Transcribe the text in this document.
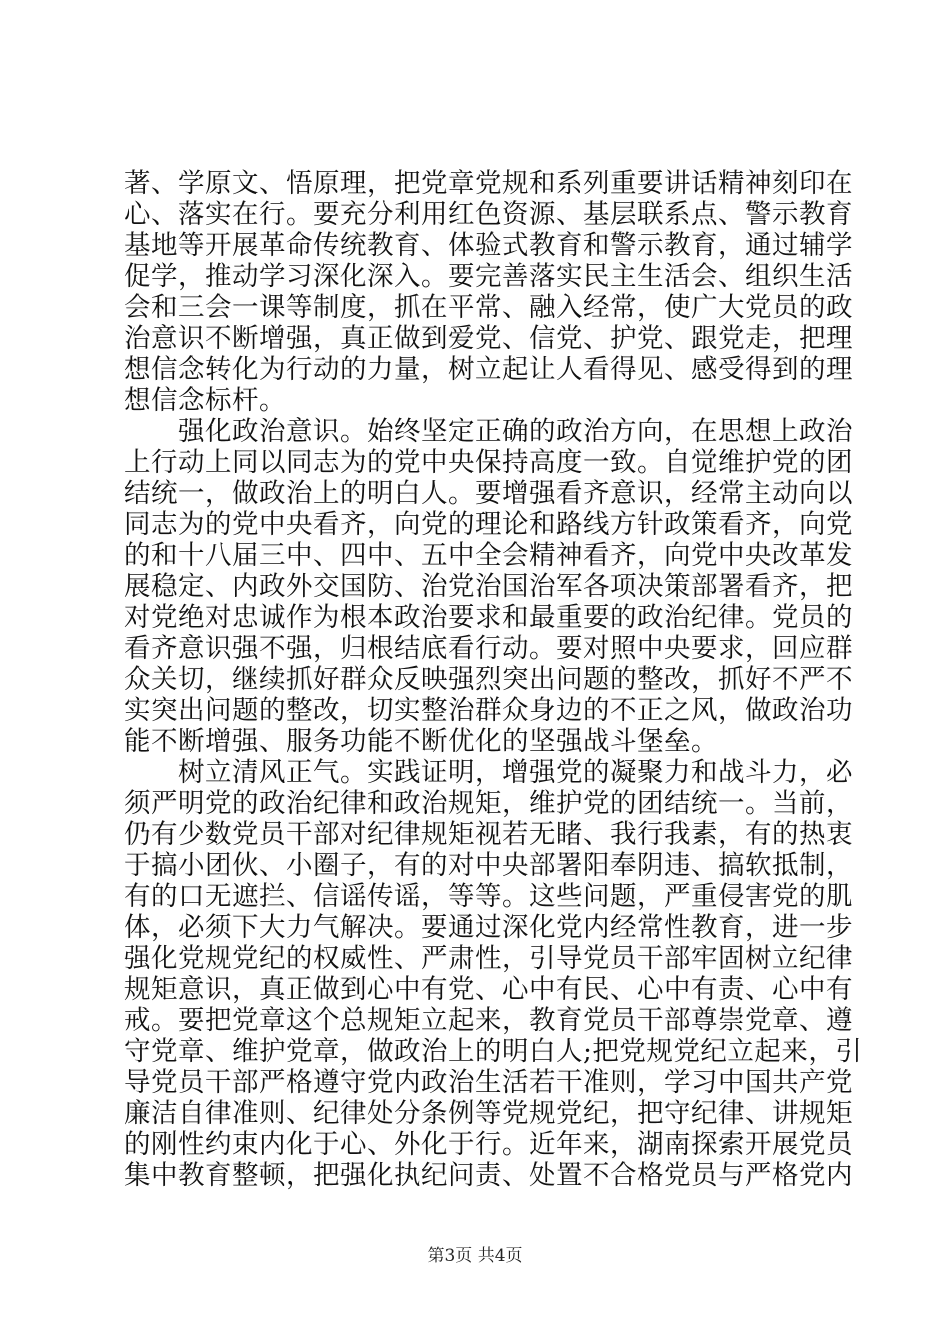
著、学原文、悟原理，把党章党规和系列重要讲话精神刻印在
心、落实在行。要充分利用红色资源、基层联系点、警示教育
基地等开展革命传统教育、体验式教育和警示教育，通过辅学
促学，推动学习深化深入。要完善落实民主生活会、组织生活
会和三会一课等制度，抓在平常、融入经常，使广大党员的政
治意识不断增强，真正做到爱党、信党、护党、跟党走，把理
想信念转化为行动的力量，树立起让人看得见、感受得到的理
想信念标杆。
　　强化政治意识。始终坚定正确的政治方向，在思想上政治
上行动上同以同志为的党中央保持高度一致。自觉维护党的团
结统一，做政治上的明白人。要增强看齐意识，经常主动向以
同志为的党中央看齐，向党的理论和路线方针政策看齐，向党
的和十八届三中、四中、五中全会精神看齐，向党中央改革发
展稳定、内政外交国防、治党治国治军各项决策部署看齐，把
对党绝对忠诚作为根本政治要求和最重要的政治纪律。党员的
看齐意识强不强，归根结底看行动。要对照中央要求，回应群
众关切，继续抓好群众反映强烈突出问题的整改，抓好不严不
实突出问题的整改，切实整治群众身边的不正之风，做政治功
能不断增强、服务功能不断优化的坚强战斗堡垒。
　　树立清风正气。实践证明，增强党的凝聚力和战斗力，必
须严明党的政治纪律和政治规矩，维护党的团结统一。当前，
仍有少数党员干部对纪律规矩视若无睹、我行我素，有的热衷
于搞小团伙、小圈子，有的对中央部署阳奉阴违、搞软抵制，
有的口无遮拦、信谣传谣，等等。这些问题，严重侵害党的肌
体，必须下大力气解决。要通过深化党内经常性教育，进一步
强化党规党纪的权威性、严肃性，引导党员干部牢固树立纪律
规矩意识，真正做到心中有党、心中有民、心中有责、心中有
戒。要把党章这个总规矩立起来，教育党员干部尊崇党章、遵
守党章、维护党章，做政治上的明白人;把党规党纪立起来，引
导党员干部严格遵守党内政治生活若干准则，学习中国共产党
廉洁自律准则、纪律处分条例等党规党纪，把守纪律、讲规矩
的刚性约束内化于心、外化于行。近年来，湖南探索开展党员
集中教育整顿，把强化执纪问责、处置不合格党员与严格党内
第3页 共4页
